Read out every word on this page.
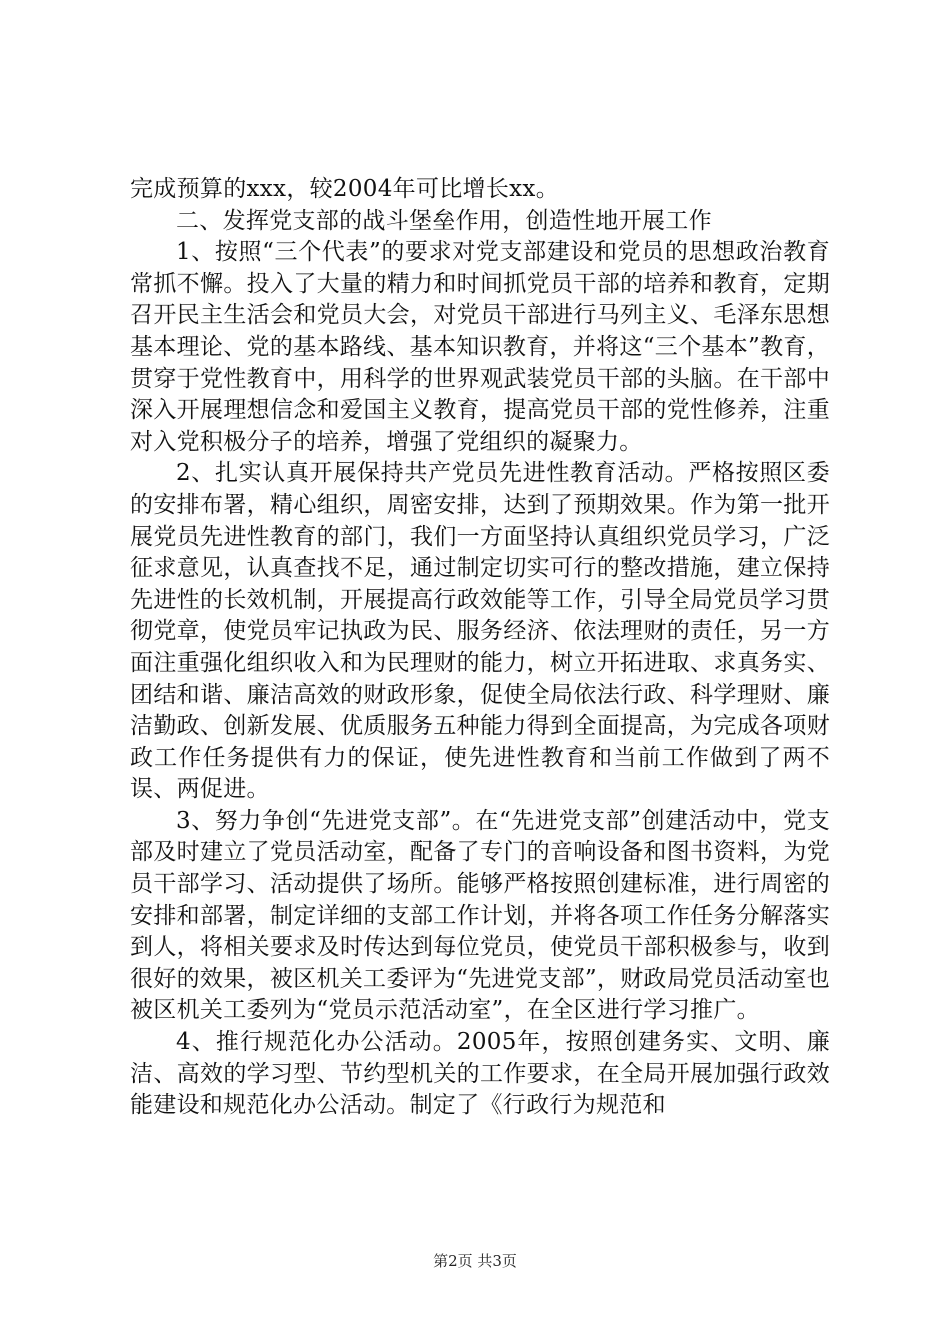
完成预算的xxx，较2004年可比增长xx。

二、发挥党支部的战斗堡垒作用，创造性地开展工作

1、按照“三个代表”的要求对党支部建设和党员的思想政治教育常抓不懈。投入了大量的精力和时间抓党员干部的培养和教育，定期召开民主生活会和党员大会，对党员干部进行马列主义、毛泽东思想基本理论、党的基本路线、基本知识教育，并将这“三个基本”教育，贯穿于党性教育中，用科学的世界观武装党员干部的头脑。在干部中深入开展理想信念和爱国主义教育，提高党员干部的党性修养，注重对入党积极分子的培养，增强了党组织的凝聚力。

2、扎实认真开展保持共产党员先进性教育活动。严格按照区委的安排布署，精心组织，周密安排，达到了预期效果。作为第一批开展党员先进性教育的部门，我们一方面坚持认真组织党员学习，广泛征求意见，认真查找不足，通过制定切实可行的整改措施，建立保持先进性的长效机制，开展提高行政效能等工作，引导全局党员学习贯彻党章，使党员牢记执政为民、服务经济、依法理财的责任，另一方面注重强化组织收入和为民理财的能力，树立开拓进取、求真务实、团结和谐、廉洁高效的财政形象，促使全局依法行政、科学理财、廉洁勤政、创新发展、优质服务五种能力得到全面提高，为完成各项财政工作任务提供有力的保证，使先进性教育和当前工作做到了两不误、两促进。

3、努力争创“先进党支部”。在“先进党支部”创建活动中，党支部及时建立了党员活动室，配备了专门的音响设备和图书资料，为党员干部学习、活动提供了场所。能够严格按照创建标准，进行周密的安排和部署，制定详细的支部工作计划，并将各项工作任务分解落实到人，将相关要求及时传达到每位党员，使党员干部积极参与，收到很好的效果，被区机关工委评为“先进党支部”，财政局党员活动室也被区机关工委列为“党员示范活动室”，在全区进行学习推广。

4、推行规范化办公活动。2005年，按照创建务实、文明、廉洁、高效的学习型、节约型机关的工作要求，在全局开展加强行政效能建设和规范化办公活动。制定了《行政行为规范和

第2页 共3页
